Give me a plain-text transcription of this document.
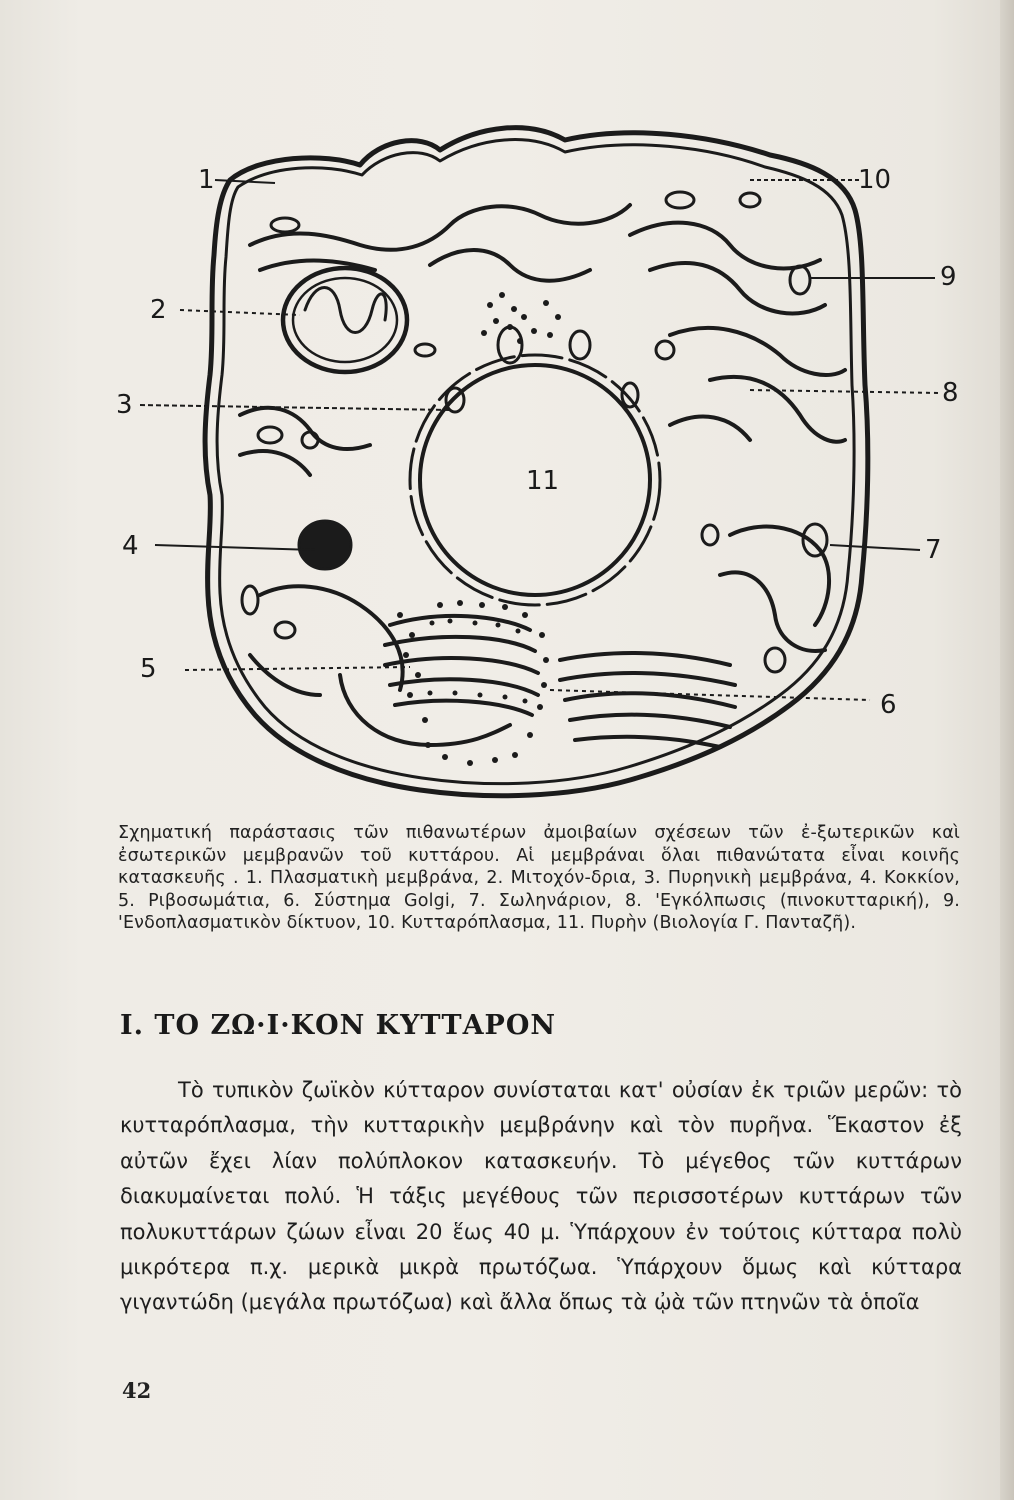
1
2
3
4
5
6
7
8
9
10
11
Σχηματική παράστασις τῶν πιθανωτέρων ἀμοιβαίων σχέσεων τῶν ἐ-ξωτερικῶν καὶ ἐσωτερικῶν μεμβρανῶν τοῦ κυττάρου. Αἱ μεμβράναι ὅλαι πιθανώτατα εἶναι κοινῆς κατασκευῆς . 1. Πλασματικὴ μεμβράνα, 2. Μιτοχόν-δρια, 3. Πυρηνικὴ μεμβράνα, 4. Κοκκίον, 5. Ριβοσωμάτια, 6. Σύστημα Golgi, 7. Σωληνάριον, 8. 'Εγκόλπωσις (πινοκυτταρική), 9. 'Ενδοπλασματικὸν δίκτυον, 10. Κυτταρόπλασμα, 11. Πυρὴν (Βιολογία Γ. Πανταζῆ).
Ι. ΤΟ ΖΩ·Ι·ΚΟΝ ΚΥΤΤΑΡΟΝ

Τὸ τυπικὸν ζωϊκὸν κύτταρον συνίσταται κατ' οὐσίαν ἐκ τριῶν μερῶν: τὸ κυτταρόπλασμα, τὴν κυτταρικὴν μεμβράνην καὶ τὸν πυρῆνα. Ἕκαστον ἐξ αὐτῶν ἔχει λίαν πολύπλοκον κατασκευήν. Τὸ μέγεθος τῶν κυττάρων διακυμαίνεται πολύ. Ἡ τάξις μεγέθους τῶν περισσοτέρων κυττάρων τῶν πολυκυττάρων ζώων εἶναι 20 ἕως 40 μ. Ὑπάρχουν ἐν τούτοις κύτταρα πολὺ μικρότερα π.χ. μερικὰ μικρὰ πρωτόζωα. Ὑπάρχουν ὅμως καὶ κύτταρα γιγαντώδη (μεγάλα πρωτόζωα) καὶ ἄλλα ὅπως τὰ ᾠὰ τῶν πτηνῶν τὰ ὁποῖα

42
